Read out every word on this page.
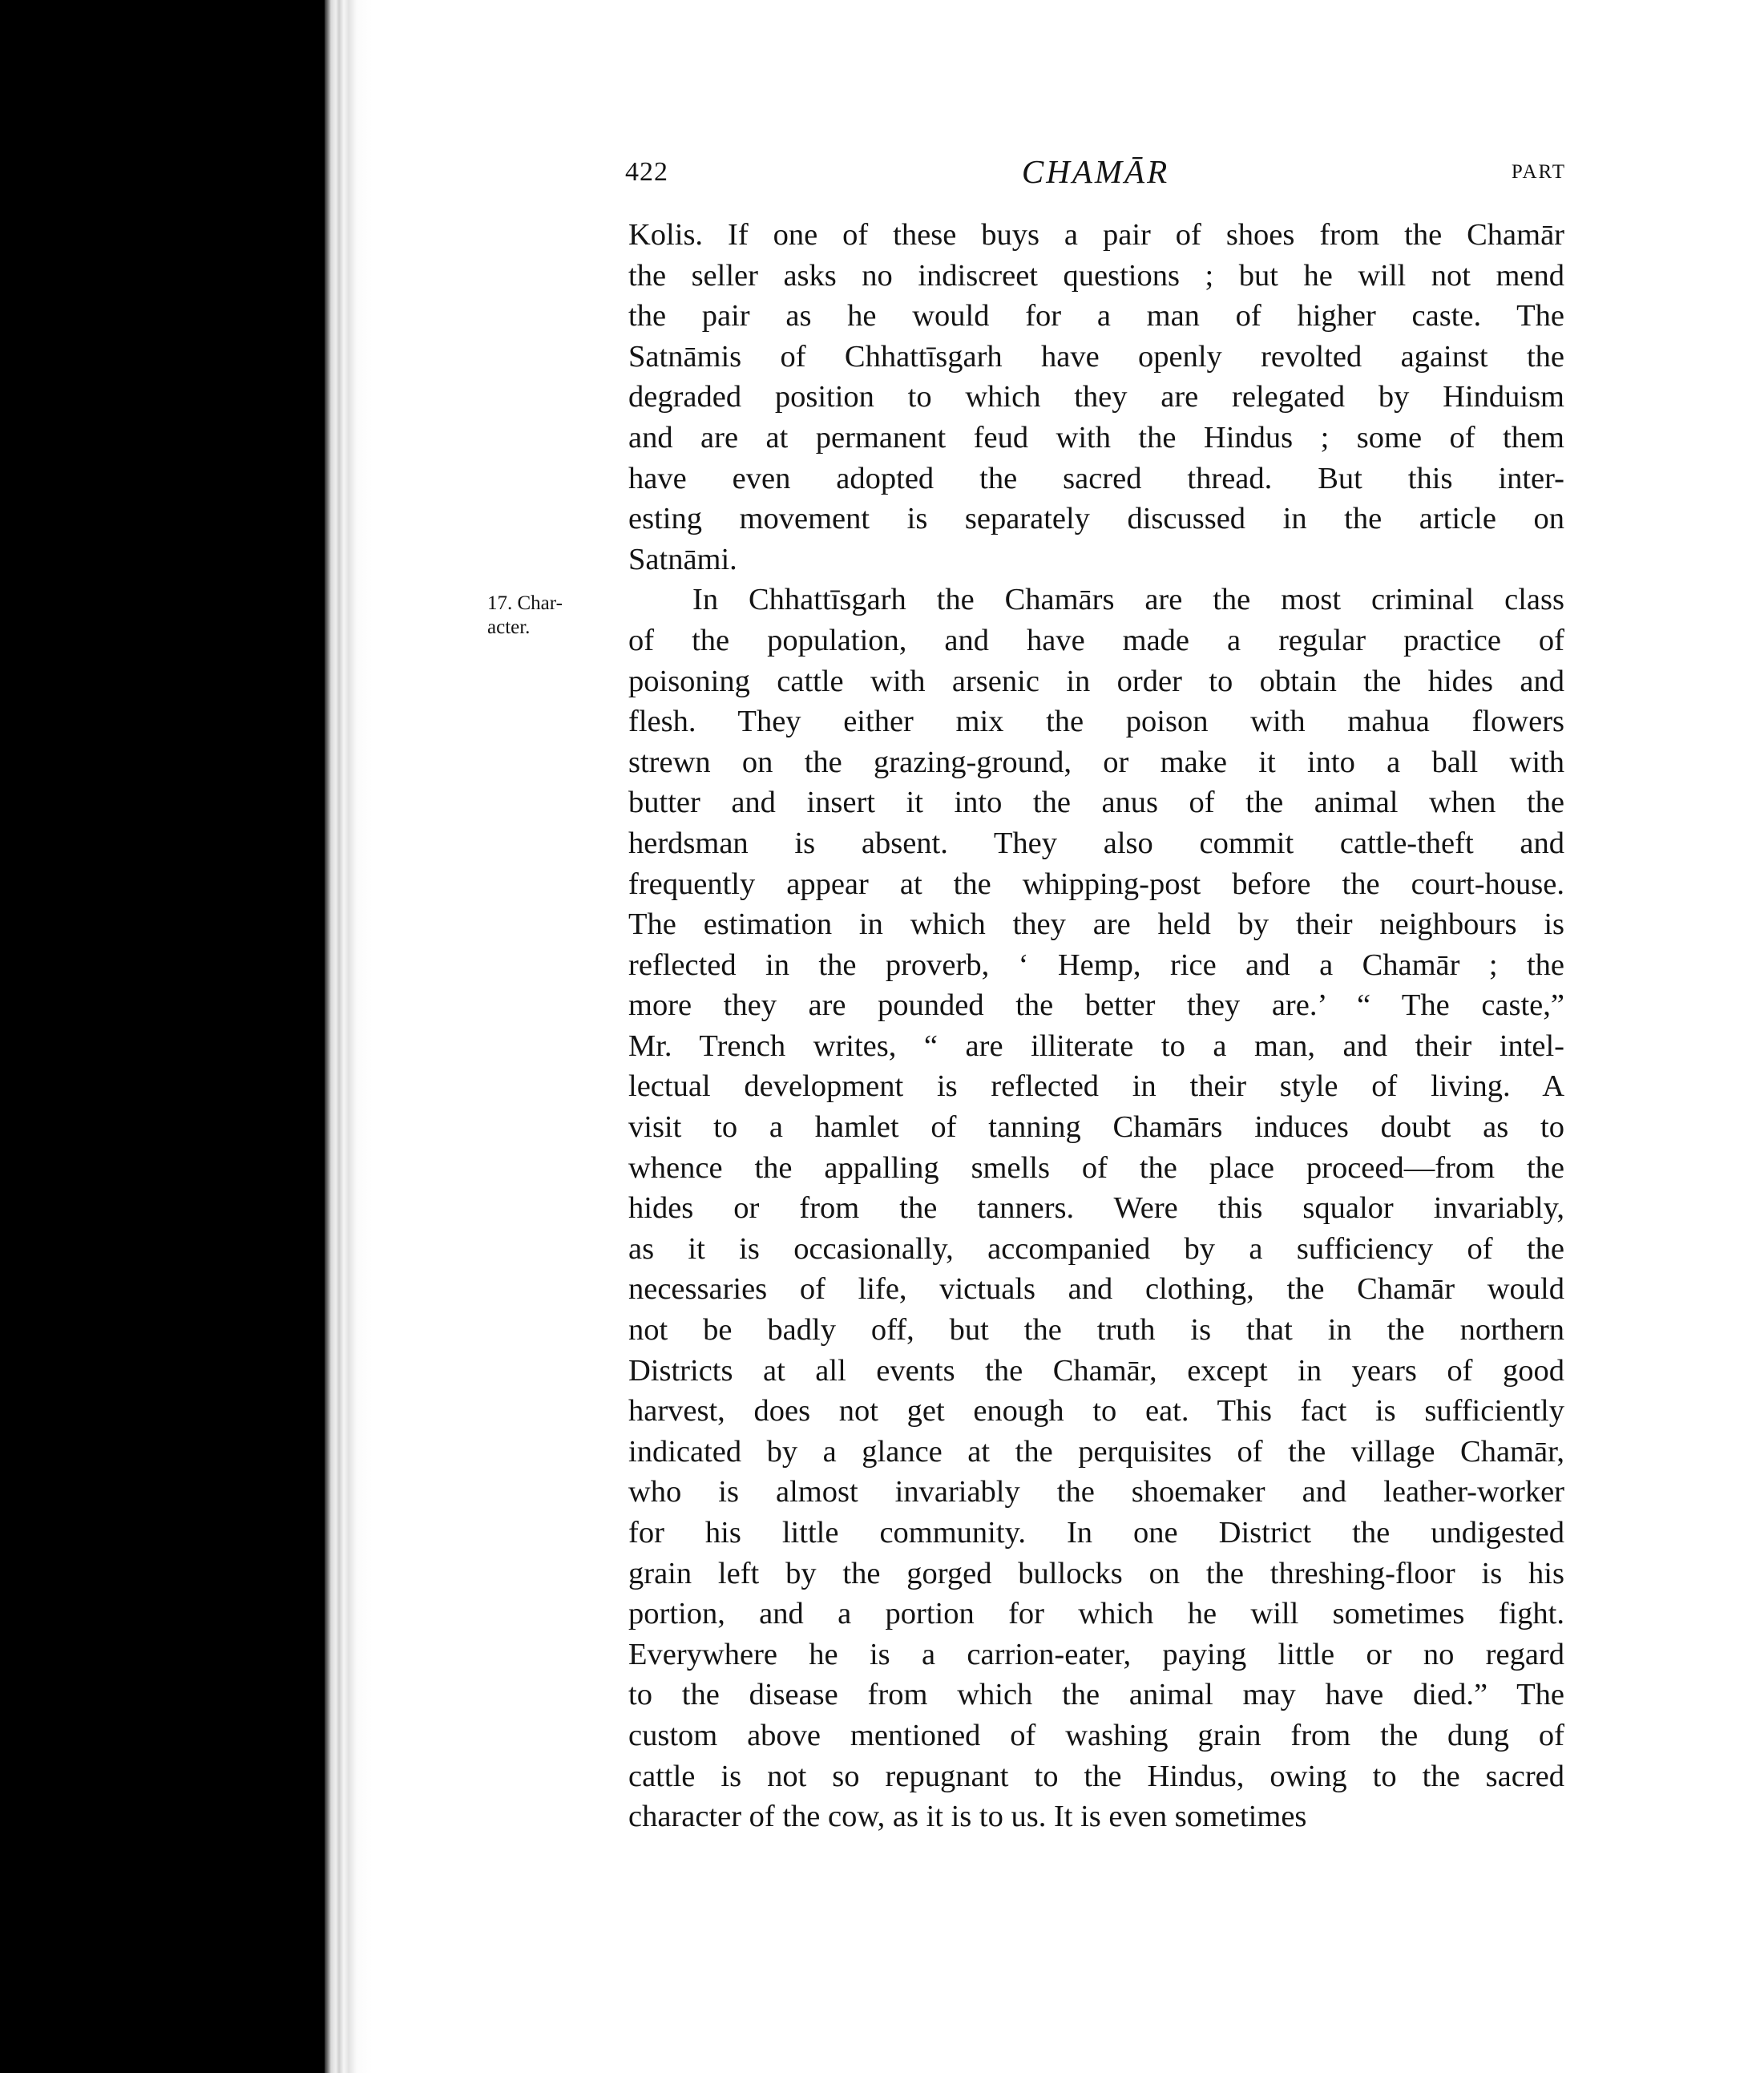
422	CHAMĀR	PART
17. Char-
acter.
Kolis. If one of these buys a pair of shoes from the Chamār
the seller asks no indiscreet questions ; but he will not mend
the pair as he would for a man of higher caste. The
Satnāmis of Chhattīsgarh have openly revolted against the
degraded position to which they are relegated by Hinduism
and are at permanent feud with the Hindus ; some of them
have even adopted the sacred thread. But this inter-
esting movement is separately discussed in the article on
Satnāmi.
In Chhattīsgarh the Chamārs are the most criminal class
of the population, and have made a regular practice of
poisoning cattle with arsenic in order to obtain the hides and
flesh. They either mix the poison with mahua flowers
strewn on the grazing-ground, or make it into a ball with
butter and insert it into the anus of the animal when the
herdsman is absent. They also commit cattle-theft and
frequently appear at the whipping-post before the court-house.
The estimation in which they are held by their neighbours is
reflected in the proverb, ‘ Hemp, rice and a Chamār ; the
more they are pounded the better they are.’ “ The caste,”
Mr. Trench writes, “ are illiterate to a man, and their intel-
lectual development is reflected in their style of living. A
visit to a hamlet of tanning Chamārs induces doubt as to
whence the appalling smells of the place proceed—from the
hides or from the tanners. Were this squalor invariably,
as it is occasionally, accompanied by a sufficiency of the
necessaries of life, victuals and clothing, the Chamār would
not be badly off, but the truth is that in the northern
Districts at all events the Chamār, except in years of good
harvest, does not get enough to eat. This fact is sufficiently
indicated by a glance at the perquisites of the village Chamār,
who is almost invariably the shoemaker and leather-worker
for his little community. In one District the undigested
grain left by the gorged bullocks on the threshing-floor is his
portion, and a portion for which he will sometimes fight.
Everywhere he is a carrion-eater, paying little or no regard
to the disease from which the animal may have died.” The
custom above mentioned of washing grain from the dung of
cattle is not so repugnant to the Hindus, owing to the sacred
character of the cow, as it is to us. It is even sometimes
